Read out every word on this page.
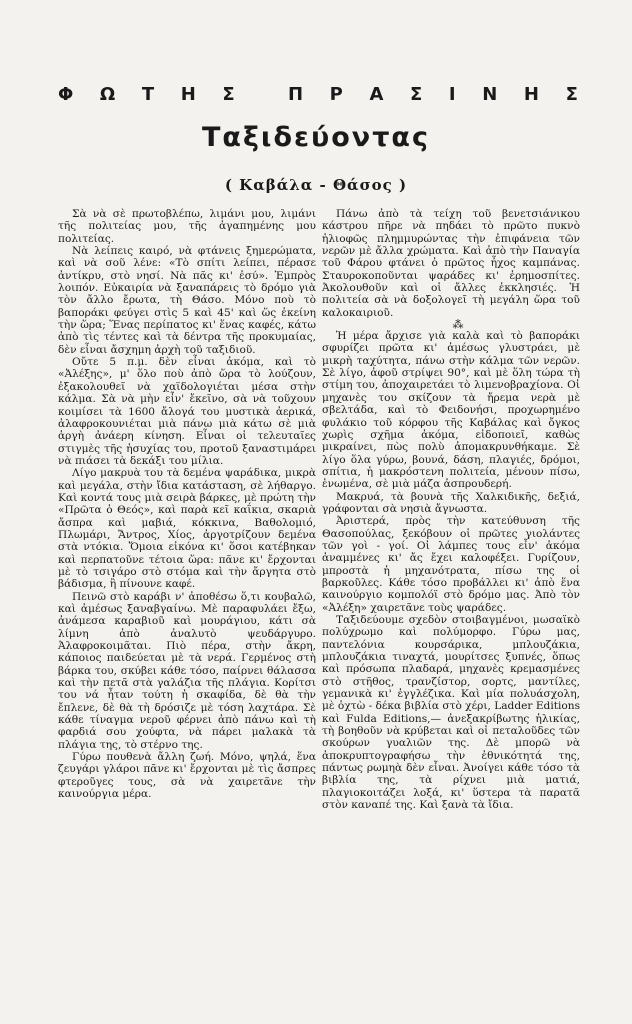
Φ Ω Τ Η Σ	Π Ρ Α Σ Ι Ν Η Σ
Ταξιδεύοντας
( Καβάλα - Θάσος )

Σὰ νὰ σὲ πρωτοβλέπω, λιμάνι μου, λιμάνι τῆς πολιτείας μου, τῆς ἀγαπημένης μου πολιτείας.

Νὰ λείπεις καιρό, νὰ φτάνεις ξημερώματα, καὶ νὰ σοῦ λένε: «Τὸ σπίτι λείπει, πέρασε ἀντίκρυ, στὸ νησί. Νὰ πᾶς κι' ἐσύ». Ἐμπρὸς λοιπόν. Εὐκαιρία νὰ ξαναπάρεις τὸ δρόμο γιὰ τὸν ἄλλο ἔρωτα, τὴ Θάσο. Μόνο ποὺ τὸ βαποράκι φεύγει στὶς 5 καὶ 45' καὶ ὥς ἐκείνη τὴν ὥρα; Ἕνας περίπατος κι' ἕνας καφές, κάτω ἀπὸ τὶς τέντες καὶ τὰ δέντρα τῆς προκυμαίας, δὲν εἶναι ἄσχημη ἀρχὴ τοῦ ταξιδιοῦ.

Οὔτε 5 π.μ. δὲν εἶναι ἀκόμα, καὶ τὸ «Ἀλέξης», μ' ὅλο ποὺ ἀπὸ ὥρα τὸ λούζουν, ἐξακολουθεῖ νὰ χαϊδολογιέται μέσα στὴν κάλμα. Σὰ νὰ μὴν εἶν' ἔκεῖνο, σὰ νὰ τοῦχουν κοιμίσει τὰ 1600 ἄλογά του μυστικὰ ἀερικά, ἀλαφροκουνιέται μιὰ πάνω μιὰ κάτω σὲ μιὰ ἀργὴ ἀνάερη κίνηση. Εἶναι οἱ τελευταῖες στιγμὲς τῆς ἡσυχίας του, προτοῦ ξαναστιμάρει νὰ πιάσει τὰ δεκάξι του μίλια.

Λίγο μακρυὰ του τὰ δεμένα ψαράδικα, μικρὰ καὶ μεγάλα, στὴν ἴδια κατάσταση, σὲ λήθαργο. Καὶ κοντά τους μιὰ σειρὰ βάρκες, μὲ πρώτη τὴν «Πρῶτα ὁ Θεός», καὶ παρὰ κεῖ καΐκια, σκαριὰ ἄσπρα καὶ μαβιά, κόκκινα, Βαθολομιό, Πλωμάρι, Ἄντρος, Χίος, ἀργοτρίζουν δεμένα στὰ ντόκια. Ὅμοια εἰκόνα κι' ὅσοι κατέβηκαν καὶ περπατοῦνε τέτοια ὥρα: πᾶνε κι' ἔρχονται μὲ τὸ τσιγάρο στὸ στόμα καὶ τὴν ἄργητα στὸ βάδισμα, ἢ πίνουνε καφέ.

Πεινῶ στὸ καράβι ν' ἀποθέσω ὅ,τι κουβαλῶ, καὶ ἀμέσως ξαναβγαίνω. Μὲ παραφυλάει ἔξω, ἀνάμεσα καραβιοῦ καὶ μουράγιου, κάτι σὰ λίμνη ἀπὸ ἀναλυτὸ ψευδάργυρο. Ἀλαφροκοιμᾶται. Πιὸ πέρα, στὴν ἄκρη, κάποιος παιδεύεται μὲ τὰ νερά. Γερμένος στὴ βάρκα του, σκύβει κάθε τόσο, παίρνει θάλασσα καὶ τὴν πετᾶ στὰ γαλάζια τῆς πλάγια. Κορίτσι του νά ἦταν τούτη ἡ σκαφίδα, δὲ θὰ τὴν ἔπλενε, δὲ θὰ τὴ δρόσιζε μὲ τόση λαχτάρα. Σὲ κάθε τίναγμα νεροῦ φέρνει ἀπὸ πάνω καὶ τὴ φαρδιά σου χούφτα, νὰ πάρει μαλακὰ τὰ πλάγια της, τὸ στέρνο της.

Γύρω πουθενὰ ἄλλη ζωή. Μόνο, ψηλά, ἕνα ζευγάρι γλάροι πᾶνε κι' ἔρχονται μὲ τὶς ἄσπρες φτεροῦγες τους, σὰ νὰ χαιρετᾶνε τὴν καινούργια μέρα.

Πάνω ἀπὸ τὰ τείχη τοῦ βενετσιάνικου κάστρου πῆρε νὰ πηδάει τὸ πρῶτο πυκνὸ ἡλιοφῶς πλημμυρώντας τὴν ἐπιφάνεια τῶν νερῶν μὲ ἄλλα χρώματα. Καὶ ἀπὸ τὴν Παναγία τοῦ Φάρου φτάνει ὁ πρῶτος ἦχος καμπάνας. Σταυροκοποῦνται ψαράδες κι' ἐρημοσπίτες. Ἀκολουθοῦν καὶ οἱ ἄλλες ἐκκλησιές. Ἡ πολιτεία σὰ νὰ δοξολογεῖ τὴ μεγάλη ὥρα τοῦ καλοκαιριοῦ.

⁂

Ἡ μέρα ἄρχισε γιὰ καλὰ καὶ τὸ βαποράκι σφυρίζει πρῶτα κι' ἀμέσως γλυστράει, μὲ μικρὴ ταχύτητα, πάνω στὴν κάλμα τῶν νερῶν. Σὲ λίγο, ἀφοῦ στρίψει 90°, καὶ μὲ ὅλη τώρα τὴ στίμη του, ἀποχαιρετάει τὸ λιμενοβραχίονα. Οἱ μηχανὲς του σκίζουν τὰ ἤρεμα νερὰ μὲ σβελτάδα, καὶ τὸ Φειδονήσι, προχωρημένο φυλάκιο τοῦ κόρφου τῆς Καβάλας καὶ ὄγκος χωρὶς σχῆμα ἀκόμα, εἰδοποιεῖ, καθὼς μικραίνει, πὼς πολὺ ἀπομακρυνθήκαμε. Σὲ λίγο ὅλα γύρω, βουνά, δάση, πλαγιές, δρόμοι, σπίτια, ἡ μακρόστενη πολιτεία, μένουν πίσω, ἑνωμένα, σὲ μιὰ μάζα ἀσπρουδερή.

Μακρυά, τὰ βουνὰ τῆς Χαλκιδικῆς, δεξιά, γράφονται σὰ νησιὰ ἄγνωστα.

Ἀριστερά, πρὸς τὴν κατεύθυνση τῆς Θασοπούλας, ξεκόβουν οἱ πρῶτες γιολάντες τῶν γοὶ - γοί. Οἱ λάμπες τους εἶν' ἀκόμα ἀναμμένες κι' ἄς ἔχει καλοφέξει. Γυρίζουν, μπροστὰ ἡ μηχανότρατα, πίσω της οἱ βαρκοῦλες. Κάθε τόσο προβάλλει κι' ἀπὸ ἕνα καινούργιο κομπολόϊ στὸ δρόμο μας. Ἀπὸ τὸν «Ἀλέξη» χαιρετᾶνε τοὺς ψαράδες.

Ταξιδεύουμε σχεδὸν στοιβαγμένοι, μωσαϊκὸ πολύχρωμο καὶ πολύμορφο. Γύρω μας, παντελόνια κουρσάρικα, μπλουζάκια, μπλουζάκια τιναχτά, μουρίτσες ξυπνές, ὅπως καὶ πρόσωπα πλαδαρά, μηχανὲς κρεμασμένες στὸ στῆθος, τρανζίστορ, σορτς, μαντίλες, γεμανικὰ κι' ἐγγλέζικα. Καὶ μία πολυάσχολη, μὲ ὀχτὼ - δέκα βιβλία στὸ χέρι, Ladder Editions καὶ Fulda Editions,— ἀνεξακρίβωτης ἡλικίας, τὴ βοηθοῦν νὰ κρύβεται καὶ οἱ πεταλοῦδες τῶν σκούρων γυαλιῶν της. Δὲ μπορῶ νὰ ἀποκρυπτογραφήσω τὴν ἐθνικότητά της, πάντως ρωμηὰ δὲν εἶναι. Ἀνοίγει κάθε τόσο τὰ βιβλία της, τὰ ρίχνει μιὰ ματιά, πλαγιοκοιτάζει λοξά, κι' ὕστερα τὰ παρατᾶ στὸν καναπέ της. Καὶ ξανὰ τὰ ἴδια.
